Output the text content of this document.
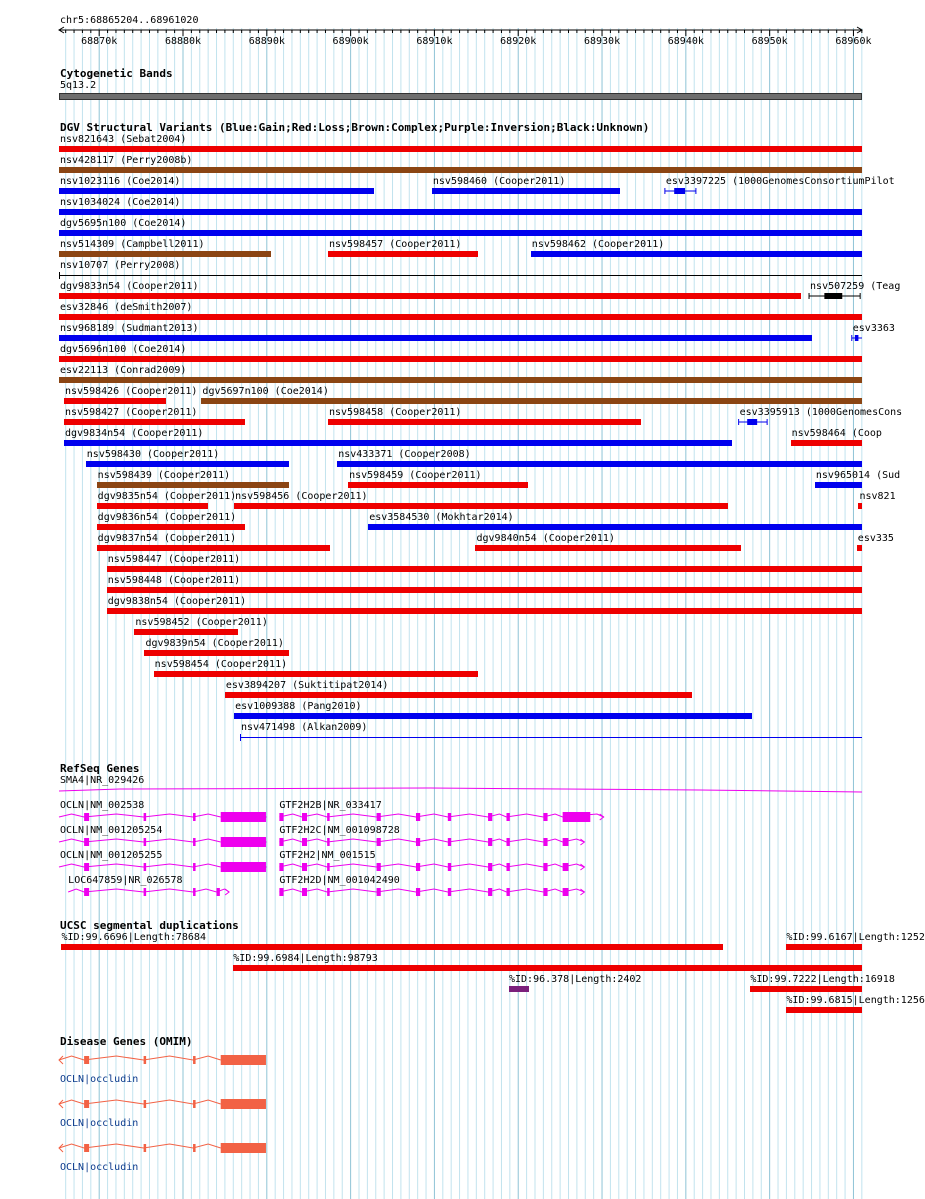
chr5:68865204..68961020
68870k	68880k	68890k	68900k	68910k	68920k	68930k	68940k	68950k	68960k
Cytogenetic Bands
5q13.2
DGV Structural Variants (Blue:Gain;Red:Loss;Brown:Complex;Purple:Inversion;Black:Unknown)
nsv821643 (Sebat2004)
nsv428117 (Perry2008b)
nsv1023116 (Coe2014)	nsv598460 (Cooper2011)	esv3397225 (1000GenomesConsortiumPilot
nsv1034024 (Coe2014)
dgv5695n100 (Coe2014)
nsv514309 (Campbell2011)	nsv598457 (Cooper2011)	nsv598462 (Cooper2011)
nsv10707 (Perry2008)
dgv9833n54 (Cooper2011)	nsv507259 (Teag
esv32846 (deSmith2007)
nsv968189 (Sudmant2013)	esv3363
dgv5696n100 (Coe2014)
esv22113 (Conrad2009)
nsv598426 (Cooper2011) dgv5697n100 (Coe2014)
nsv598427 (Cooper2011)	nsv598458 (Cooper2011)	esv3395913 (1000GenomesCons
dgv9834n54 (Cooper2011)	nsv598464 (Coop
nsv598430 (Cooper2011)	nsv433371 (Cooper2008)
nsv598439 (Cooper2011)	nsv598459 (Cooper2011)	nsv965014 (Sud
dgv9835n54 (Cooper2011)
nsv598456 (Cooper2011)	nsv821
dgv9836n54 (Cooper2011)	esv3584530 (Mokhtar2014)
dgv9837n54 (Cooper2011)	dgv9840n54 (Cooper2011)	esv335
nsv598447 (Cooper2011)
nsv598448 (Cooper2011)
dgv9838n54 (Cooper2011)
nsv598452 (Cooper2011)
dgv9839n54 (Cooper2011)
nsv598454 (Cooper2011)
esv3894207 (Suktitipat2014)
esv1009388 (Pang2010)
nsv471498 (Alkan2009)
RefSeq Genes
SMA4|NR_029426
OCLN|NM_002538	GTF2H2B|NR_033417
OCLN|NM_001205254	GTF2H2C|NM_001098728
OCLN|NM_001205255	GTF2H2|NM_001515
LOC647859|NR_026578	GTF2H2D|NM_001042490
UCSC segmental duplications
%ID:99.6696|Length:78684	%ID:99.6167|Length:1252
%ID:99.6984|Length:98793
%ID:96.378|Length:2402	%ID:99.7222|Length:16918
%ID:99.6815|Length:1256
Disease Genes (OMIM)
OCLN|occludin
OCLN|occludin
OCLN|occludin
